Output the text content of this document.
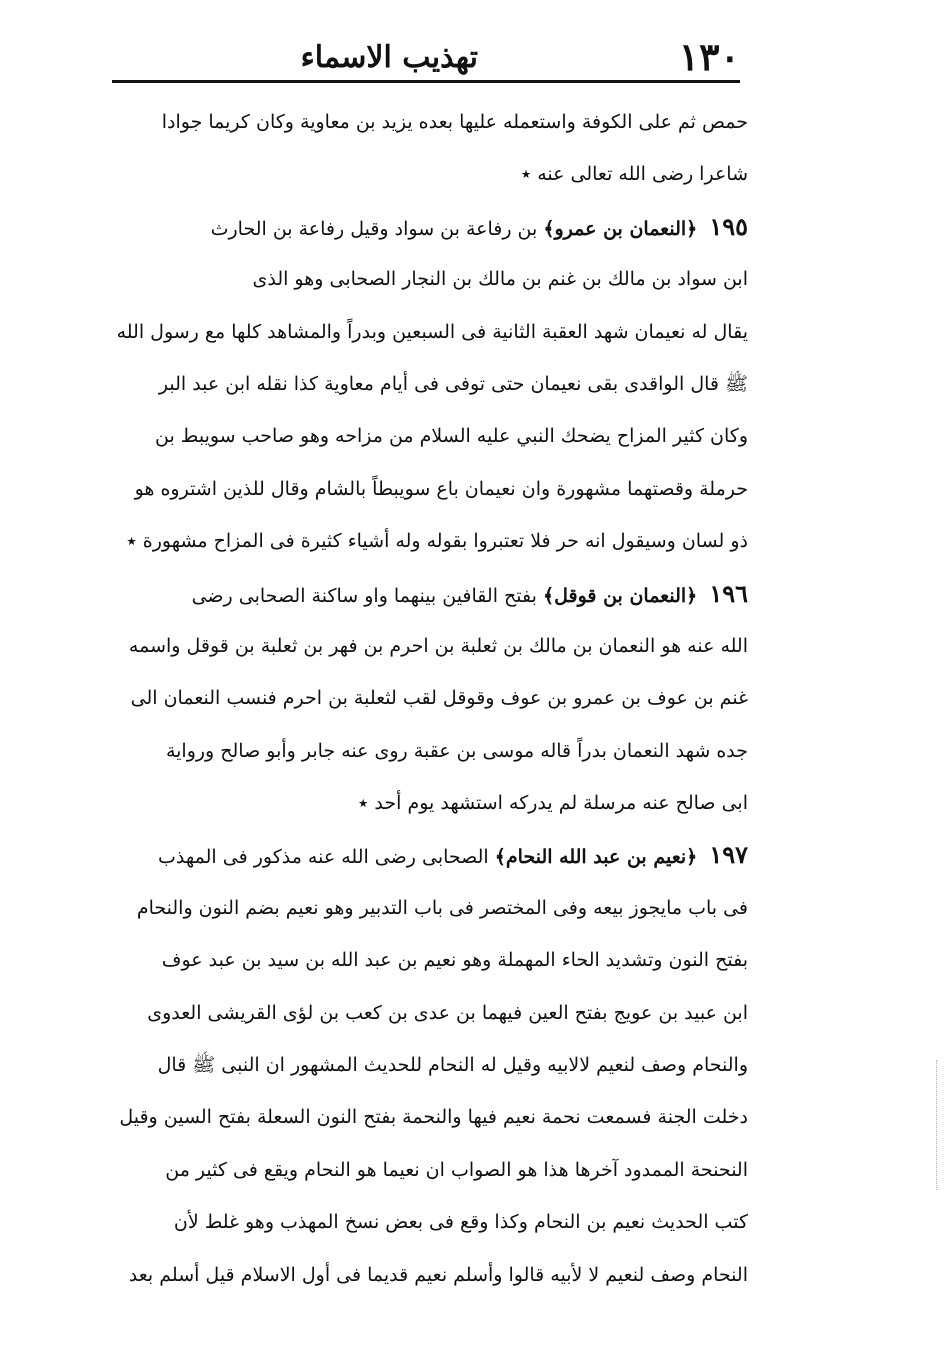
١٣٠
تهذيب الاسماء
حمص ثم على الكوفة واستعمله عليها بعده يزيد بن معاوية وكان كريما جوادا
شاعرا رضى الله تعالى عنه ٭
١٩٥ ﴿النعمان بن عمرو﴾ بن رفاعة بن سواد وقيل رفاعة بن الحارث
ابن سواد بن مالك بن غنم بن مالك بن النجار الصحابى وهو الذى
يقال له نعيمان شهد العقبة الثانية فى السبعين وبدراً والمشاهد كلها مع رسول الله
ﷺ قال الواقدى بقى نعيمان حتى توفى فى أيام معاوية كذا نقله ابن عبد البر
وكان كثير المزاح يضحك النبي عليه السلام من مزاحه وهو صاحب سويبط بن
حرملة وقصتهما مشهورة وان نعيمان باع سويبطاً بالشام وقال للذين اشتروه هو
ذو لسان وسيقول انه حر فلا تعتبروا بقوله وله أشياء كثيرة فى المزاح مشهورة ٭
١٩٦ ﴿النعمان بن قوقل﴾ بفتح القافين بينهما واو ساكنة الصحابى رضى
الله عنه هو النعمان بن مالك بن ثعلبة بن احرم بن فهر بن ثعلبة بن قوقل واسمه
غنم بن عوف بن عمرو بن عوف وقوقل لقب لثعلبة بن احرم فنسب النعمان الى
جده شهد النعمان بدراً قاله موسى بن عقبة روى عنه جابر وأبو صالح ورواية
ابى صالح عنه مرسلة لم يدركه استشهد يوم أحد ٭
١٩٧ ﴿نعيم بن عبد الله النحام﴾ الصحابى رضى الله عنه مذكور فى المهذب
فى باب مايجوز بيعه وفى المختصر فى باب التدبير وهو نعيم بضم النون والنحام
بفتح النون وتشديد الحاء المهملة وهو نعيم بن عبد الله بن سيد بن عبد عوف
ابن عبيد بن عويج بفتح العين فيهما بن عدى بن كعب بن لؤى القريشى العدوى
والنحام وصف لنعيم لالابيه وقيل له النحام للحديث المشهور ان النبى ﷺ قال
دخلت الجنة فسمعت نحمة نعيم فيها والنحمة بفتح النون السعلة بفتح السين وقيل
النحنحة الممدود آخرها هذا هو الصواب ان نعيما هو النحام ويقع فى كثير من
كتب الحديث نعيم بن النحام وكذا وقع فى بعض نسخ المهذب وهو غلط لأن
النحام وصف لنعيم لا لأبيه قالوا وأسلم نعيم قديما فى أول الاسلام قيل أسلم بعد
